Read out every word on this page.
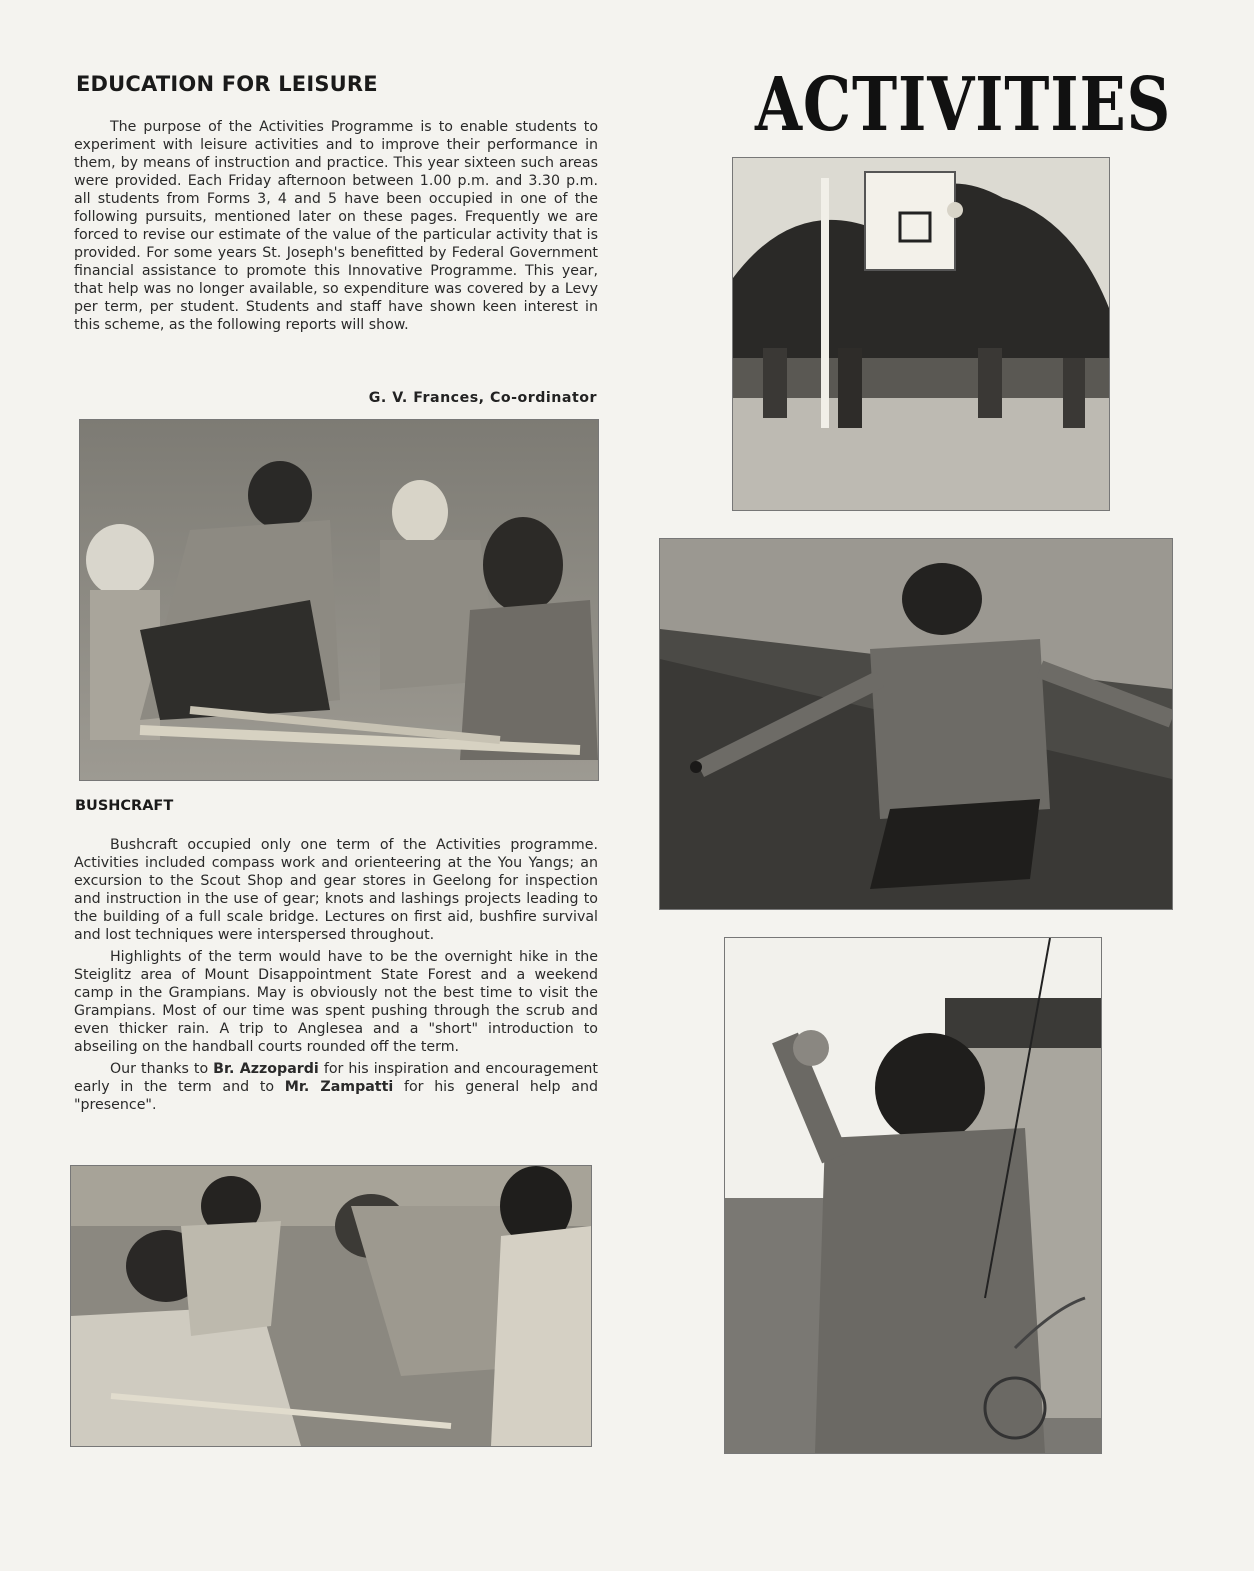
EDUCATION FOR LEISURE	ACTIVITIES

The purpose of the Activities Programme is to enable students to experiment with leisure activities and to improve their performance in them, by means of instruction and practice. This year sixteen such areas were provided. Each Friday afternoon between 1.00 p.m. and 3.30 p.m. all students from Forms 3, 4 and 5 have been occupied in one of the following pursuits, mentioned later on these pages. Frequently we are forced to revise our estimate of the value of the particular activity that is provided. For some years St. Joseph's benefitted by Federal Government financial assistance to promote this Innovative Programme. This year, that help was no longer available, so expenditure was covered by a Levy per term, per student. Students and staff have shown keen interest in this scheme, as the following reports will show.

G. V. Frances, Co-ordinator
BUSHCRAFT

Bushcraft occupied only one term of the Activities programme. Activities included compass work and orienteering at the You Yangs; an excursion to the Scout Shop and gear stores in Geelong for inspection and instruction in the use of gear; knots and lashings projects leading to the building of a full scale bridge. Lectures on first aid, bushfire survival and lost techniques were interspersed throughout.

Highlights of the term would have to be the overnight hike in the Steiglitz area of Mount Disappointment State Forest and a weekend camp in the Grampians. May is obviously not the best time to visit the Grampians. Most of our time was spent pushing through the scrub and even thicker rain. A trip to Anglesea and a "short" introduction to abseiling on the handball courts rounded off the term.

Our thanks to Br. Azzopardi for his inspiration and encouragement early in the term and to Mr. Zampatti for his general help and "presence".
